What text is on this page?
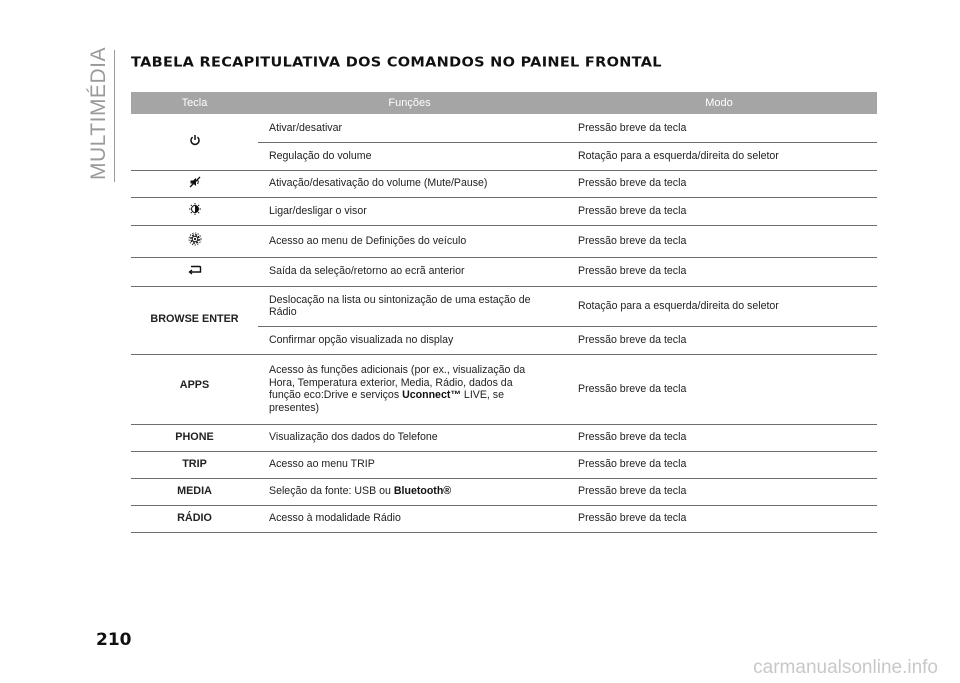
MULTIMÉDIA TABELA RECAPITULATIVA DOS COMANDOS NO PAINEL FRONTAL
Tecla	Funções	Modo
	Ativar/desativar	Pressão breve da tecla
	Regulação do volume	Rotação para a esquerda/direita do seletor
	Ativação/desativação do volume (Mute/Pause)	Pressão breve da tecla
	Ligar/desligar o visor	Pressão breve da tecla
	Acesso ao menu de Definições do veículo	Pressão breve da tecla
	Saída da seleção/retorno ao ecrã anterior	Pressão breve da tecla
BROWSE ENTER	Deslocação na lista ou sintonização de uma estação de Rádio	Rotação para a esquerda/direita do seletor
	Confirmar opção visualizada no display	Pressão breve da tecla
APPS	Acesso às funções adicionais (por ex., visualização da Hora, Temperatura exterior, Media, Rádio, dados da função eco:Drive e serviços Uconnect™ LIVE, se presentes)	Pressão breve da tecla
PHONE	Visualização dos dados do Telefone	Pressão breve da tecla
TRIP	Acesso ao menu TRIP	Pressão breve da tecla
MEDIA	Seleção da fonte: USB ou Bluetooth®	Pressão breve da tecla
RÁDIO	Acesso à modalidade Rádio	Pressão breve da tecla
210
carmanualsonline.info
